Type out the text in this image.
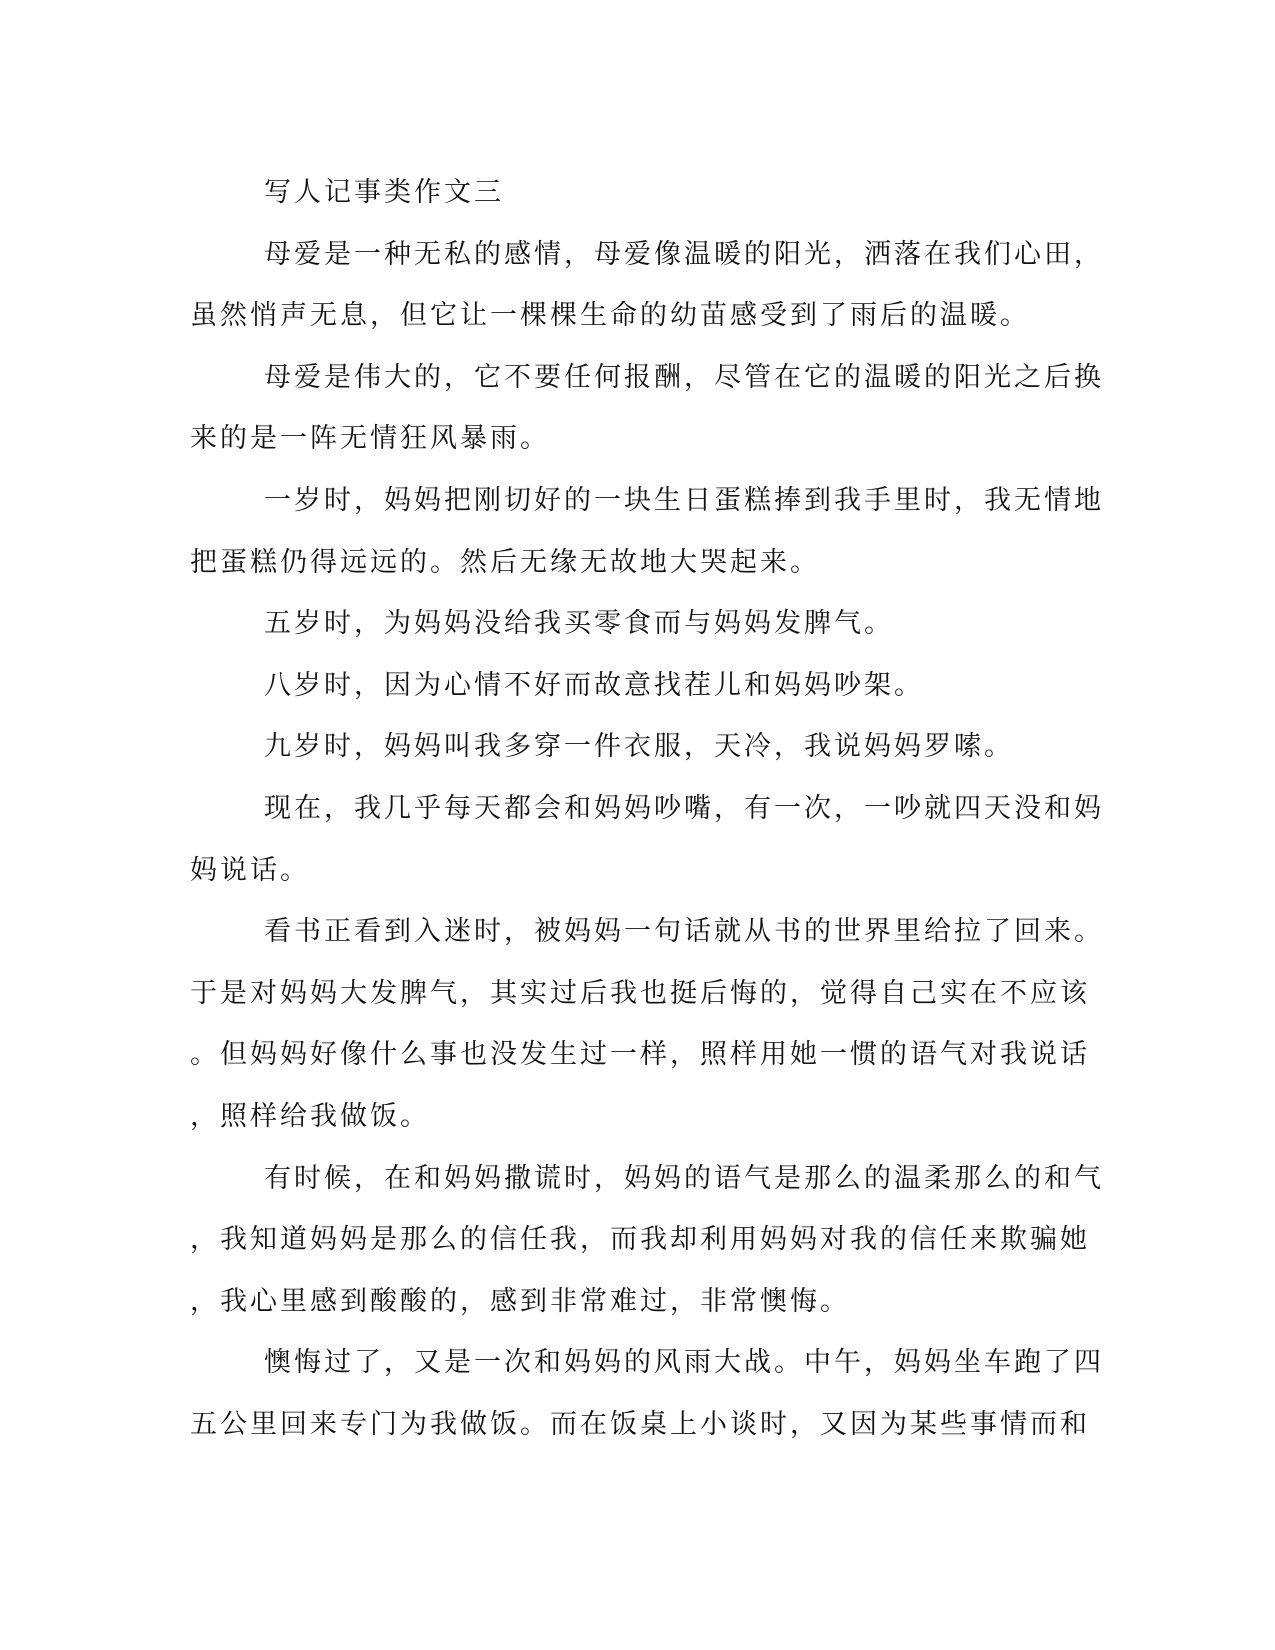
写人记事类作文三
母爱是一种无私的感情，母爱像温暖的阳光，洒落在我们心田，
虽然悄声无息，但它让一棵棵生命的幼苗感受到了雨后的温暖。
母爱是伟大的，它不要任何报酬，尽管在它的温暖的阳光之后换
来的是一阵无情狂风暴雨。
一岁时，妈妈把刚切好的一块生日蛋糕捧到我手里时，我无情地
把蛋糕仍得远远的。然后无缘无故地大哭起来。
五岁时，为妈妈没给我买零食而与妈妈发脾气。
八岁时，因为心情不好而故意找茬儿和妈妈吵架。
九岁时，妈妈叫我多穿一件衣服，天冷，我说妈妈罗嗦。
现在，我几乎每天都会和妈妈吵嘴，有一次，一吵就四天没和妈
妈说话。
看书正看到入迷时，被妈妈一句话就从书的世界里给拉了回来。
于是对妈妈大发脾气，其实过后我也挺后悔的，觉得自己实在不应该
。但妈妈好像什么事也没发生过一样，照样用她一惯的语气对我说话
，照样给我做饭。
有时候，在和妈妈撒谎时，妈妈的语气是那么的温柔那么的和气
，我知道妈妈是那么的信任我，而我却利用妈妈对我的信任来欺骗她
，我心里感到酸酸的，感到非常难过，非常懊悔。
懊悔过了，又是一次和妈妈的风雨大战。中午，妈妈坐车跑了四
五公里回来专门为我做饭。而在饭桌上小谈时，又因为某些事情而和
